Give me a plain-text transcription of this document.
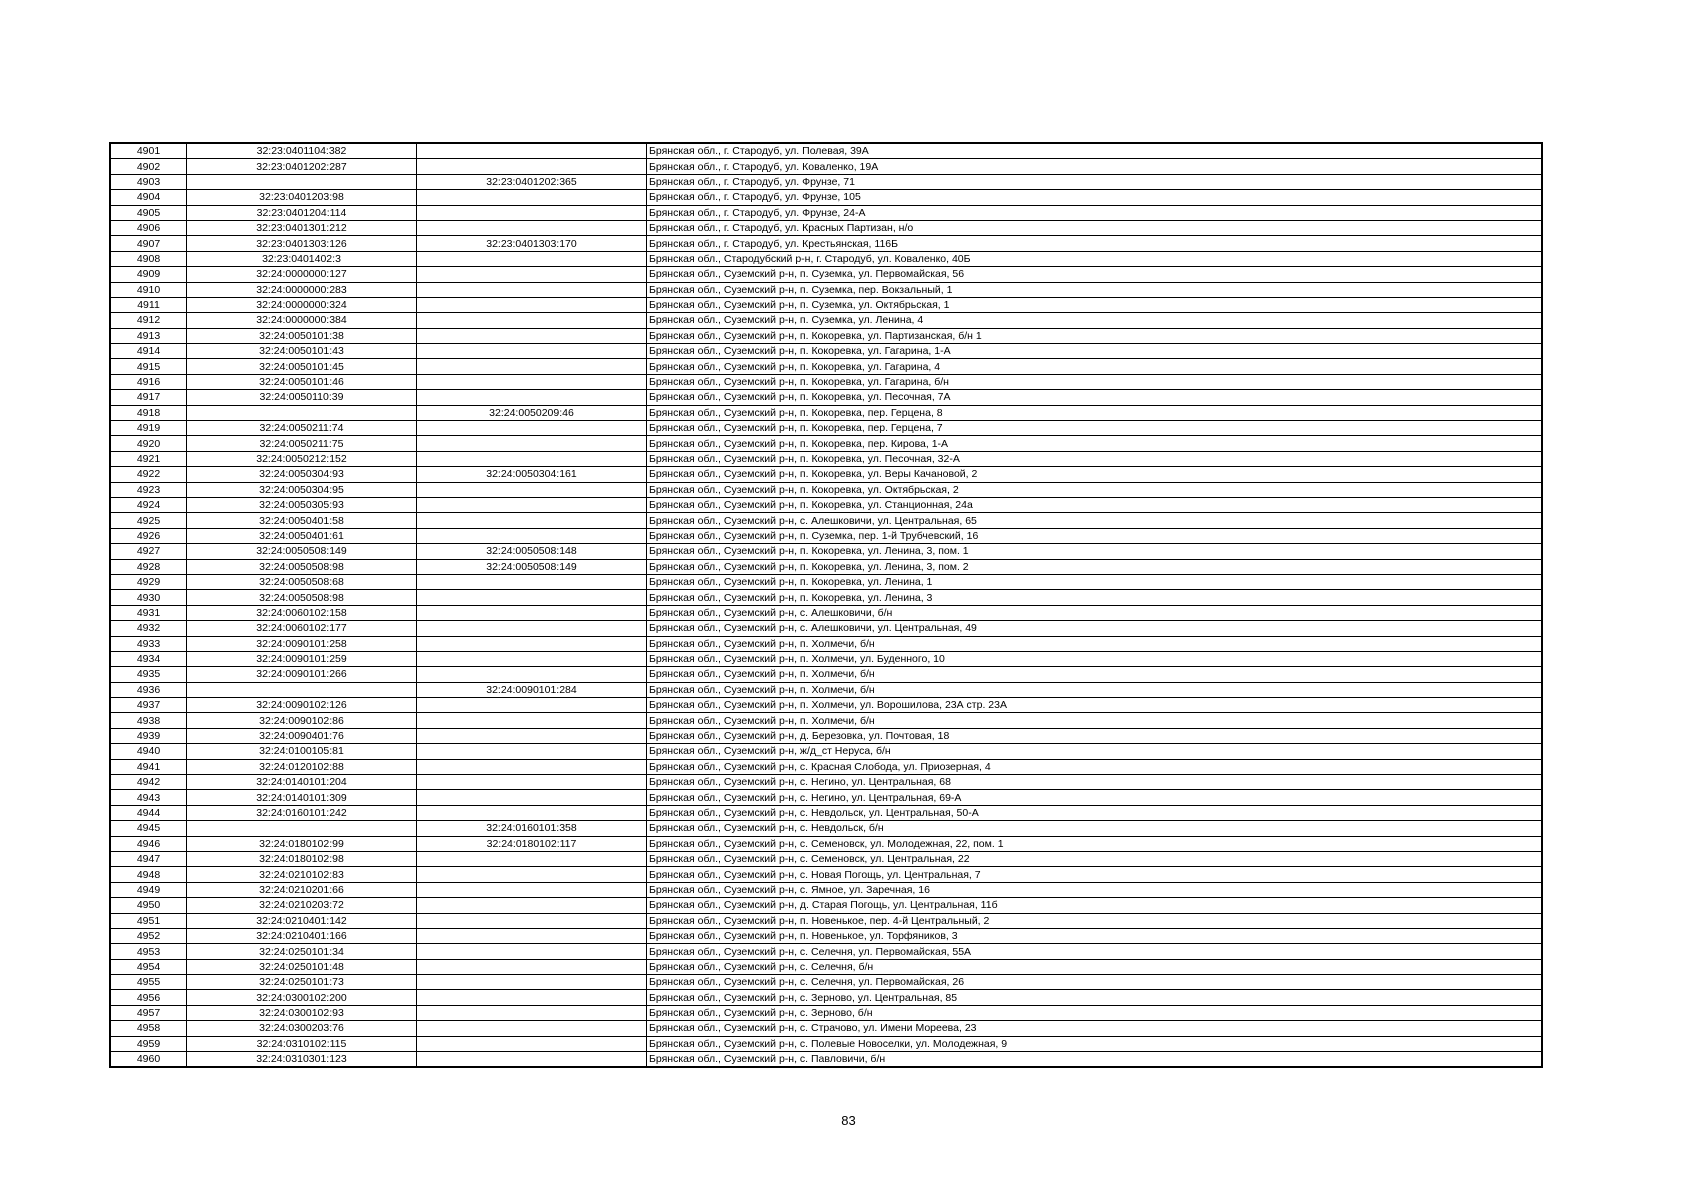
4901	32:23:0401104:382		Брянская обл., г. Стародуб, ул. Полевая, 39А
4902	32:23:0401202:287		Брянская обл., г. Стародуб, ул. Коваленко, 19А
4903		32:23:0401202:365	Брянская обл., г. Стародуб, ул. Фрунзе, 71
4904	32:23:0401203:98		Брянская обл., г. Стародуб, ул. Фрунзе, 105
4905	32:23:0401204:114		Брянская обл., г. Стародуб, ул. Фрунзе, 24-А
4906	32:23:0401301:212		Брянская обл., г. Стародуб, ул. Красных Партизан, н/о
4907	32:23:0401303:126	32:23:0401303:170	Брянская обл., г. Стародуб, ул. Крестьянская, 116Б
4908	32:23:0401402:3		Брянская обл., Стародубский р-н, г. Стародуб, ул. Коваленко, 40Б
4909	32:24:0000000:127		Брянская обл., Суземский р-н, п. Суземка, ул. Первомайская, 56
4910	32:24:0000000:283		Брянская обл., Суземский р-н, п. Суземка, пер. Вокзальный, 1
4911	32:24:0000000:324		Брянская обл., Суземский р-н, п. Суземка, ул. Октябрьская, 1
4912	32:24:0000000:384		Брянская обл., Суземский р-н, п. Суземка, ул. Ленина, 4
4913	32:24:0050101:38		Брянская обл., Суземский р-н, п. Кокоревка, ул. Партизанская, б/н 1
4914	32:24:0050101:43		Брянская обл., Суземский р-н, п. Кокоревка, ул. Гагарина, 1-А
4915	32:24:0050101:45		Брянская обл., Суземский р-н, п. Кокоревка, ул. Гагарина, 4
4916	32:24:0050101:46		Брянская обл., Суземский р-н, п. Кокоревка, ул. Гагарина, б/н
4917	32:24:0050110:39		Брянская обл., Суземский р-н, п. Кокоревка, ул. Песочная, 7А
4918		32:24:0050209:46	Брянская обл., Суземский р-н, п. Кокоревка, пер. Герцена, 8
4919	32:24:0050211:74		Брянская обл., Суземский р-н, п. Кокоревка, пер. Герцена, 7
4920	32:24:0050211:75		Брянская обл., Суземский р-н, п. Кокоревка, пер. Кирова, 1-А
4921	32:24:0050212:152		Брянская обл., Суземский р-н, п. Кокоревка, ул. Песочная, 32-А
4922	32:24:0050304:93	32:24:0050304:161	Брянская обл., Суземский р-н, п. Кокоревка, ул. Веры Качановой, 2
4923	32:24:0050304:95		Брянская обл., Суземский р-н, п. Кокоревка, ул. Октябрьская, 2
4924	32:24:0050305:93		Брянская обл., Суземский р-н, п. Кокоревка, ул. Станционная, 24а
4925	32:24:0050401:58		Брянская обл., Суземский р-н, с. Алешковичи, ул. Центральная, 65
4926	32:24:0050401:61		Брянская обл., Суземский р-н, п. Суземка, пер. 1-й Трубчевский, 16
4927	32:24:0050508:149	32:24:0050508:148	Брянская обл., Суземский р-н, п. Кокоревка, ул. Ленина, 3, пом. 1
4928	32:24:0050508:98	32:24:0050508:149	Брянская обл., Суземский р-н, п. Кокоревка, ул. Ленина, 3, пом. 2
4929	32:24:0050508:68		Брянская обл., Суземский р-н, п. Кокоревка, ул. Ленина, 1
4930	32:24:0050508:98		Брянская обл., Суземский р-н, п. Кокоревка, ул. Ленина, 3
4931	32:24:0060102:158		Брянская обл., Суземский р-н, с. Алешковичи, б/н
4932	32:24:0060102:177		Брянская обл., Суземский р-н, с. Алешковичи, ул. Центральная, 49
4933	32:24:0090101:258		Брянская обл., Суземский р-н, п. Холмечи, б/н
4934	32:24:0090101:259		Брянская обл., Суземский р-н, п. Холмечи, ул. Буденного, 10
4935	32:24:0090101:266		Брянская обл., Суземский р-н, п. Холмечи, б/н
4936		32:24:0090101:284	Брянская обл., Суземский р-н, п. Холмечи, б/н
4937	32:24:0090102:126		Брянская обл., Суземский р-н, п. Холмечи, ул. Ворошилова, 23А стр. 23А
4938	32:24:0090102:86		Брянская обл., Суземский р-н, п. Холмечи, б/н
4939	32:24:0090401:76		Брянская обл., Суземский р-н, д. Березовка, ул. Почтовая, 18
4940	32:24:0100105:81		Брянская обл., Суземский р-н, ж/д_ст Неруса, б/н
4941	32:24:0120102:88		Брянская обл., Суземский р-н, с. Красная Слобода, ул. Приозерная, 4
4942	32:24:0140101:204		Брянская обл., Суземский р-н, с. Негино, ул. Центральная, 68
4943	32:24:0140101:309		Брянская обл., Суземский р-н, с. Негино, ул. Центральная, 69-А
4944	32:24:0160101:242		Брянская обл., Суземский р-н, с. Невдольск, ул. Центральная, 50-А
4945		32:24:0160101:358	Брянская обл., Суземский р-н, с. Невдольск, б/н
4946	32:24:0180102:99	32:24:0180102:117	Брянская обл., Суземский р-н, с. Семеновск, ул. Молодежная, 22, пом. 1
4947	32:24:0180102:98		Брянская обл., Суземский р-н, с. Семеновск, ул. Центральная, 22
4948	32:24:0210102:83		Брянская обл., Суземский р-н, с. Новая Погощь, ул. Центральная, 7
4949	32:24:0210201:66		Брянская обл., Суземский р-н, с. Ямное, ул. Заречная, 16
4950	32:24:0210203:72		Брянская обл., Суземский р-н, д. Старая Погощь, ул. Центральная, 11б
4951	32:24:0210401:142		Брянская обл., Суземский р-н, п. Новенькое, пер. 4-й Центральный, 2
4952	32:24:0210401:166		Брянская обл., Суземский р-н, п. Новенькое, ул. Торфяников, 3
4953	32:24:0250101:34		Брянская обл., Суземский р-н, с. Селечня, ул. Первомайская, 55А
4954	32:24:0250101:48		Брянская обл., Суземский р-н, с. Селечня, б/н
4955	32:24:0250101:73		Брянская обл., Суземский р-н, с. Селечня, ул. Первомайская, 26
4956	32:24:0300102:200		Брянская обл., Суземский р-н, с. Зерново, ул. Центральная, 85
4957	32:24:0300102:93		Брянская обл., Суземский р-н, с. Зерново, б/н
4958	32:24:0300203:76		Брянская обл., Суземский р-н, с. Страчово, ул. Имени Мореева, 23
4959	32:24:0310102:115		Брянская обл., Суземский р-н, с. Полевые Новоселки, ул. Молодежная, 9
4960	32:24:0310301:123		Брянская обл., Суземский р-н, с. Павловичи, б/н
83
